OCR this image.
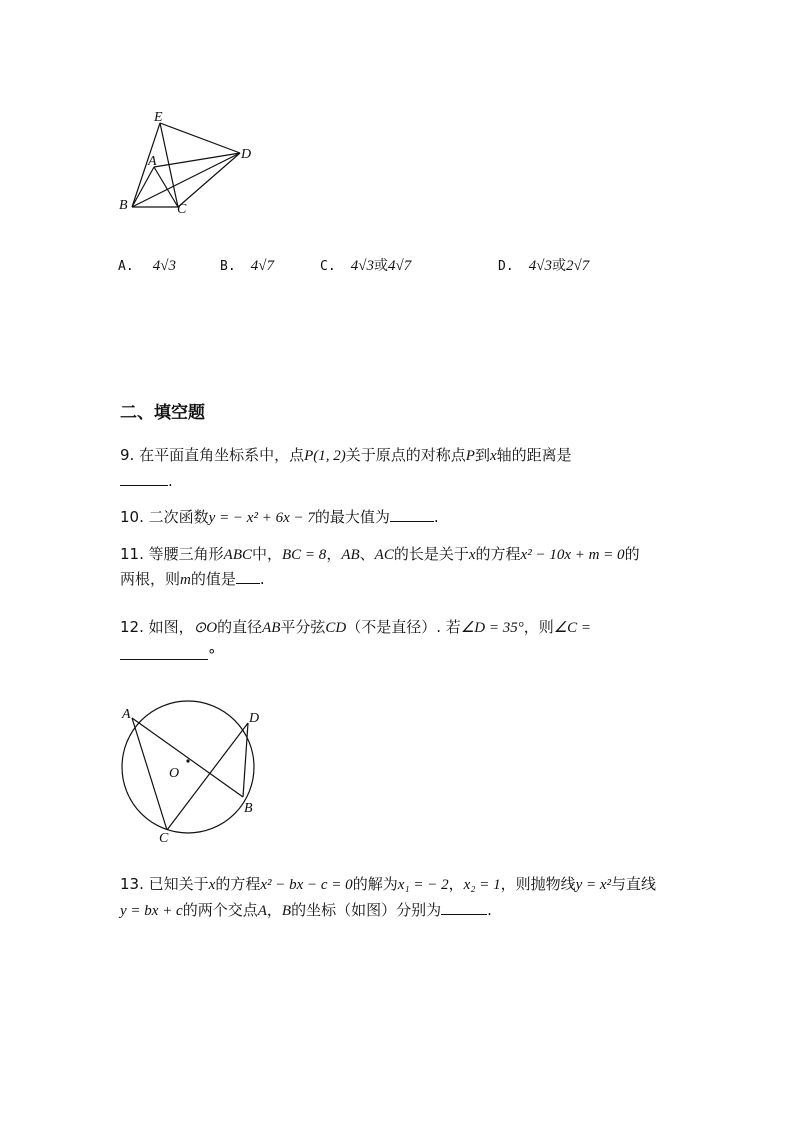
E
A	D
B	C
A. 4√3	B. 4√7	C. 4√3或4√7	D. 4√3或2√7
二、填空题
9. 在平面直角坐标系中，点P(1, 2)关于原点的对称点P到x轴的距离是
.
10. 二次函数y = − x² + 6x − 7的最大值为	.
11. 等腰三角形ABC中，BC = 8，AB、AC的长是关于x的方程x² − 10x + m = 0的
两根，则m的值是 .
12. 如图，⊙O的直径AB平分弦CD（不是直径）. 若∠D = 35°，则∠C =
°
A	D
O
B
C
13. 已知关于x的方程x² − bx − c = 0的解为x₁ = − 2，x₂ = 1，则抛物线y = x²与直线
y = bx + c的两个交点A，B的坐标（如图）分别为	.
